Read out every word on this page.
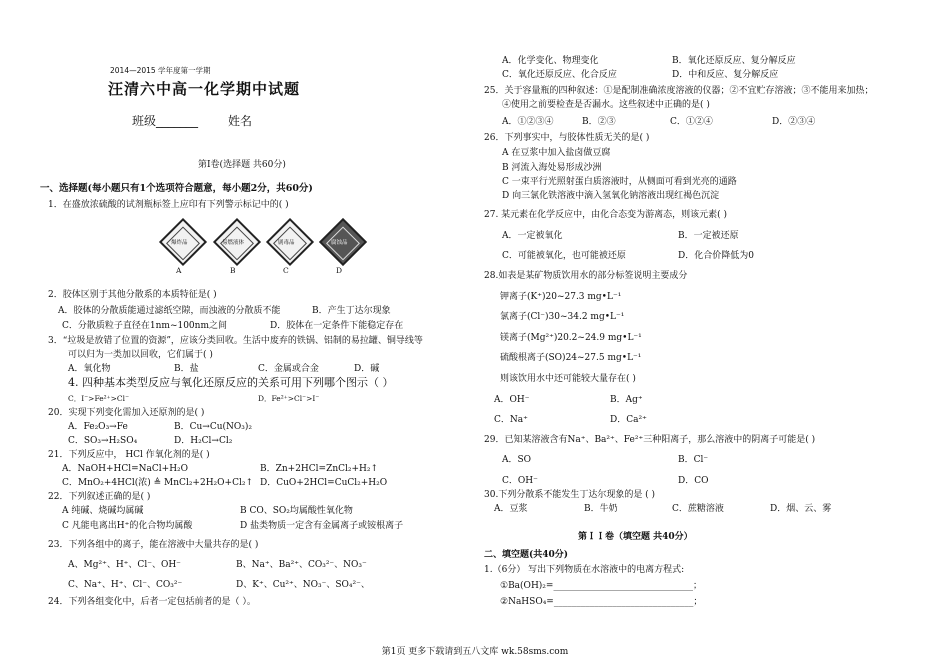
2014—2015 学年度第一学期
汪清六中高一化学期中试题
班级_______ 姓名
第Ⅰ卷(选择题 共60分)
一、选择题(每小题只有1个选项符合题意，每小题2分，共60分)
1．在盛放浓硫酸的试剂瓶标签上应印有下列警示标记中的( )
爆炸品	易燃液体	剧毒品	腐蚀品
A	B	C	D
2．胶体区别于其他分散系的本质特征是( )
A．胶体的分散质能通过滤纸空隙，而浊液的分散质不能	B．产生丁达尔现象
C．分散质粒子直径在1nm~100nm之间	D．胶体在一定条件下能稳定存在
3．“垃圾是放错了位置的资源”，应该分类回收。生活中废弃的铁锅、铝制的易拉罐、铜导线等
可以归为一类加以回收，它们属于( )
A．氧化物	B．盐	C．金属或合金	D．碱
4. 四种基本类型反应与氧化还原反应的关系可用下列哪个图示（ ）
C．I⁻>Fe²⁺>Cl⁻	D．Fe²⁺>Cl⁻>I⁻
20．实现下列变化需加入还原剂的是( )
A．Fe₂O₃→Fe	B．Cu→Cu(NO₃)₂
C．SO₃→H₂SO₄	D．H₂Cl→Cl₂
21．下列反应中， HCl 作氧化剂的是( )
A．NaOH+HCl=NaCl+H₂O	B．Zn+2HCl=ZnCl₂+H₂↑
C．MnO₂+4HCl(浓) ≜ MnCl₂+2H₂O+Cl₂↑ D．CuO+2HCl=CuCl₂+H₂O
22．下列叙述正确的是( )
A 纯碱、烧碱均属碱	B CO、SO₂均属酸性氧化物
C 凡能电离出H⁺的化合物均属酸	D 盐类物质一定含有金属离子或铵根离子
23．下列各组中的离子，能在溶液中大量共存的是( )
A、Mg²⁺、H⁺、Cl⁻、OH⁻	B、Na⁺、Ba²⁺、CO₃²⁻、NO₃⁻
C、Na⁺、H⁺、Cl⁻、CO₃²⁻	D、K⁺、Cu²⁺、NO₃⁻、SO₄²⁻、
24．下列各组变化中，后者一定包括前者的是（ ）。
A．化学变化、物理变化	B．氧化还原反应、复分解反应
C．氧化还原反应、化合反应	D．中和反应、复分解反应
25．关于容量瓶的四种叙述：①是配制准确浓度溶液的仪器；②不宜贮存溶液；③不能用来加热；
④使用之前要检查是否漏水。这些叙述中正确的是( )
A．①②③④	B．②③	C．①②④	D．②③④
26．下列事实中，与胶体性质无关的是( )
A 在豆浆中加入盐卤做豆腐
B 河流入海处易形成沙洲
C 一束平行光照射蛋白质溶液时，从侧面可看到光亮的通路
D 向三氯化铁溶液中滴入氢氧化钠溶液出现红褐色沉淀
27. 某元素在化学反应中，由化合态变为游离态，则该元素( )
A．一定被氧化	B．一定被还原
C．可能被氧化，也可能被还原	D．化合价降低为0
28.如表是某矿物质饮用水的部分标签说明主要成分
钾离子(K⁺)20~27.3 mg•L⁻¹
氯离子(Cl⁻)30~34.2 mg•L⁻¹
镁离子(Mg²⁺)20.2~24.9 mg•L⁻¹
硫酸根离子(SO)24~27.5 mg•L⁻¹
则该饮用水中还可能较大量存在( )
A．OH⁻	B．Ag⁺
C．Na⁺	D．Ca²⁺
29．已知某溶液含有Na⁺、Ba²⁺、Fe²⁺三种阳离子，那么溶液中的阴离子可能是( )
A．SO	B．Cl⁻
C．OH⁻	D．CO
30.下列分散系不能发生丁达尔现象的是 ( )
A．豆浆	B．牛奶	C．蔗糖溶液	D．烟、云、雾
第ＩＩ卷（填空题 共40分）
二、填空题(共40分)
1.（6分） 写出下列物质在水溶液中的电离方程式:
①Ba(OH)₂=_______________________________；
②NaHSO₄=_______________________________；
第1页 更多下载请到五八文库 wk.58sms.com
